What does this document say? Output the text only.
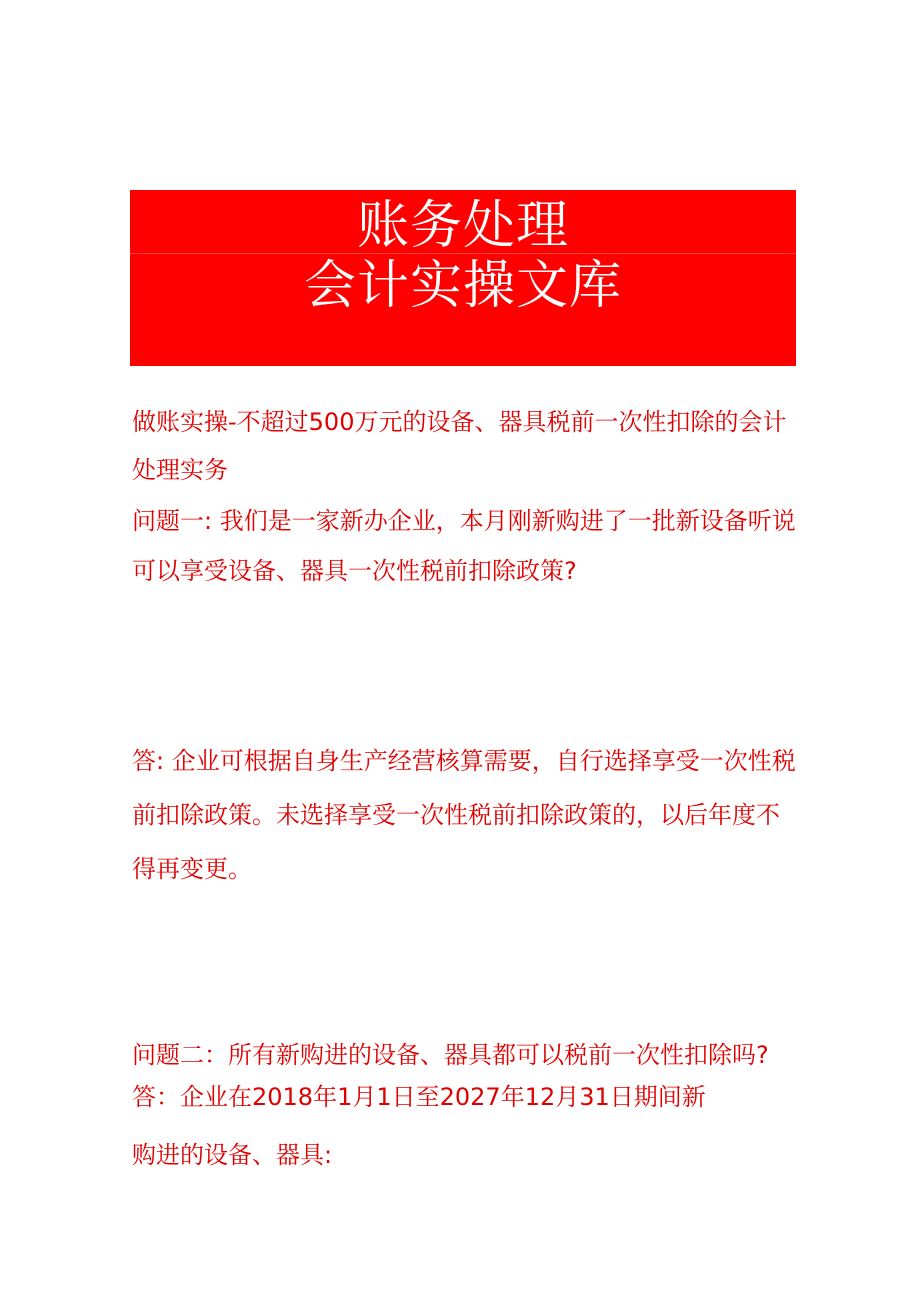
账务处理
会计实操文库

做账实操-不超过500万元的设备、器具税前一次性扣除的会计处理实务

问题一: 我们是一家新办企业，本月刚新购进了一批新设备听说可以享受设备、器具一次性税前扣除政策?

答: 企业可根据自身生产经营核算需要，自行选择享受一次性税前扣除政策。未选择享受一次性税前扣除政策的，以后年度不得再变更。

问题二：所有新购进的设备、器具都可以税前一次性扣除吗?

答：企业在2018年1月1日至2027年12月31日期间新

购进的设备、器具:
